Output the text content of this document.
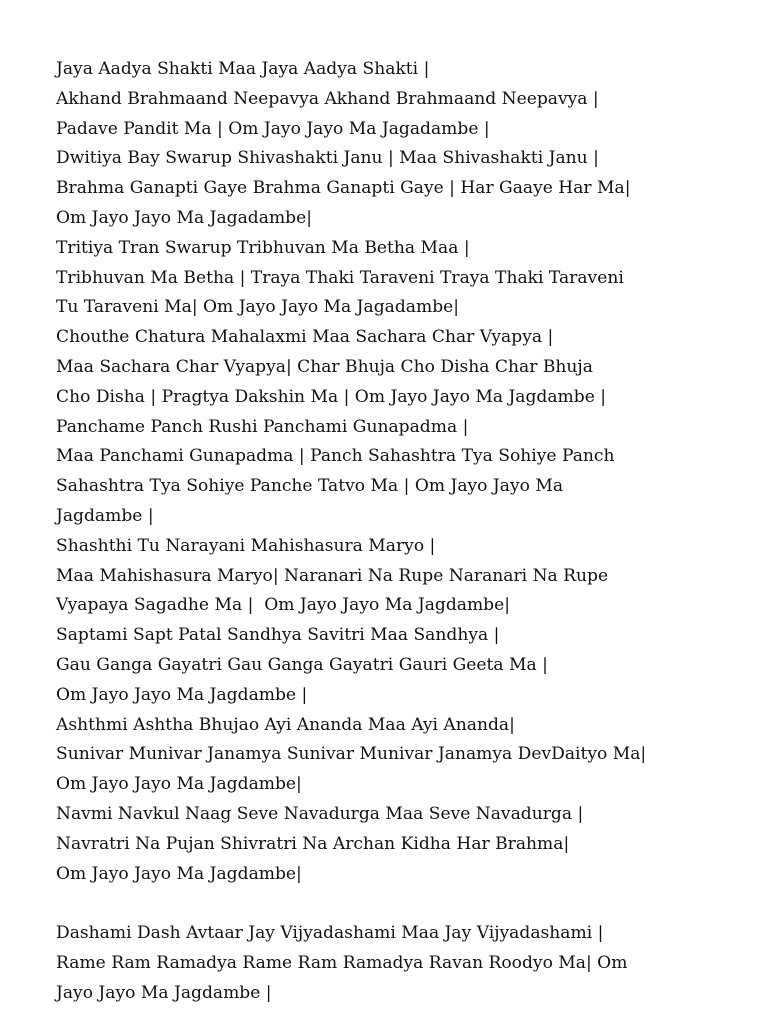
Jaya Aadya Shakti Maa Jaya Aadya Shakti |
Akhand Brahmaand Neepavya Akhand Brahmaand Neepavya |
Padave Pandit Ma | Om Jayo Jayo Ma Jagadambe |
Dwitiya Bay Swarup Shivashakti Janu | Maa Shivashakti Janu |
Brahma Ganapti Gaye Brahma Ganapti Gaye | Har Gaaye Har Ma|
Om Jayo Jayo Ma Jagadambe|
Tritiya Tran Swarup Tribhuvan Ma Betha Maa |
Tribhuvan Ma Betha | Traya Thaki Taraveni Traya Thaki Taraveni
Tu Taraveni Ma| Om Jayo Jayo Ma Jagadambe|
Chouthe Chatura Mahalaxmi Maa Sachara Char Vyapya |
Maa Sachara Char Vyapya| Char Bhuja Cho Disha Char Bhuja
Cho Disha | Pragtya Dakshin Ma | Om Jayo Jayo Ma Jagdambe |
Panchame Panch Rushi Panchami Gunapadma |
Maa Panchami Gunapadma | Panch Sahashtra Tya Sohiye Panch
Sahashtra Tya Sohiye Panche Tatvo Ma | Om Jayo Jayo Ma
Jagdambe |
Shashthi Tu Narayani Mahishasura Maryo |
Maa Mahishasura Maryo| Naranari Na Rupe Naranari Na Rupe
Vyapaya Sagadhe Ma |  Om Jayo Jayo Ma Jagdambe|
Saptami Sapt Patal Sandhya Savitri Maa Sandhya |
Gau Ganga Gayatri Gau Ganga Gayatri Gauri Geeta Ma |
Om Jayo Jayo Ma Jagdambe |
Ashthmi Ashtha Bhujao Ayi Ananda Maa Ayi Ananda|
Sunivar Munivar Janamya Sunivar Munivar Janamya DevDaityo Ma|
Om Jayo Jayo Ma Jagdambe|
Navmi Navkul Naag Seve Navadurga Maa Seve Navadurga |
Navratri Na Pujan Shivratri Na Archan Kidha Har Brahma|
Om Jayo Jayo Ma Jagdambe|
Dashami Dash Avtaar Jay Vijyadashami Maa Jay Vijyadashami |
Rame Ram Ramadya Rame Ram Ramadya Ravan Roodyo Ma| Om
Jayo Jayo Ma Jagdambe |
